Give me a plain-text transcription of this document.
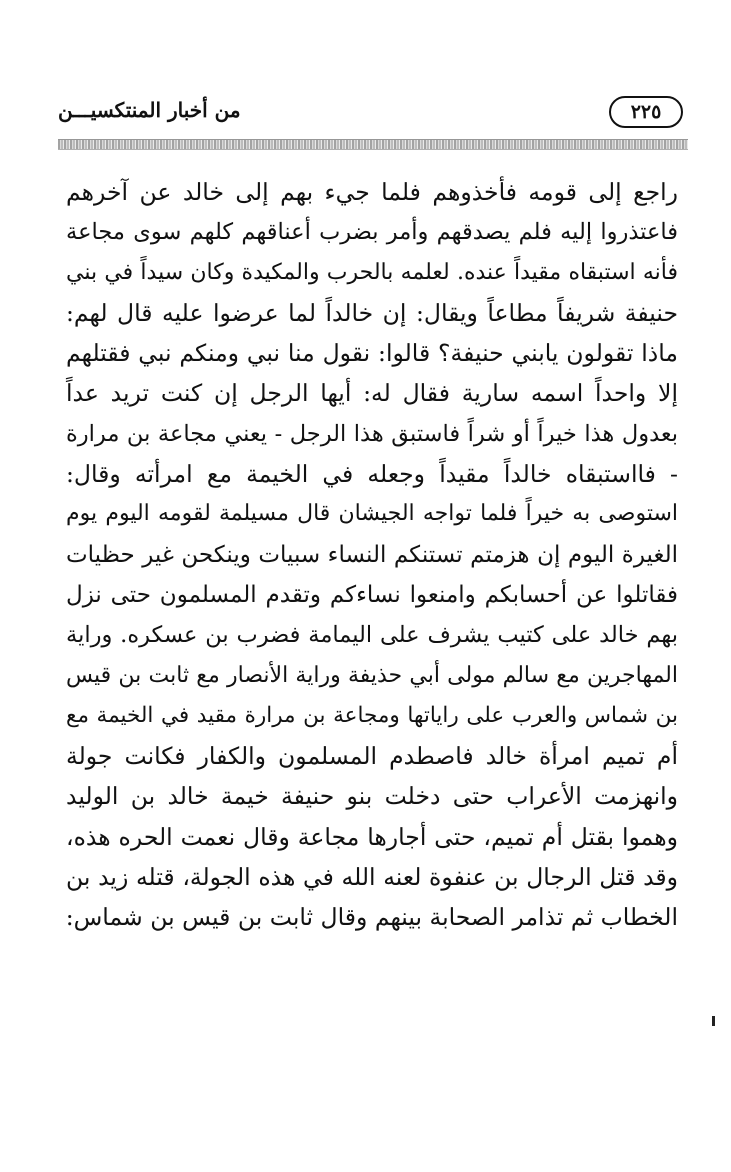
٢٢٥
من أخبار المنتكسيـــن
راجع إلى قومه فأخذوهم فلما جيء بهم إلى خالد عن آخرهم
فاعتذروا إليه فلم يصدقهم وأمر بضرب أعناقهم كلهم سوى مجاعة
فأنه استبقاه مقيداً عنده. لعلمه بالحرب والمكيدة وكان سيداً في بني
حنيفة شريفاً مطاعاً ويقال: إن خالداً لما عرضوا عليه قال لهم:
ماذا تقولون يابني حنيفة؟ قالوا: نقول منا نبي ومنكم نبي فقتلهم
إلا واحداً اسمه سارية فقال له: أيها الرجل إن كنت تريد عداً
بعدول هذا خيراً أو شراً فاستبق هذا الرجل - يعني مجاعة بن مرارة
- فااستبقاه خالداً مقيداً وجعله في الخيمة مع امرأته وقال:
استوصى به خيراً فلما تواجه الجيشان قال مسيلمة لقومه اليوم يوم
الغيرة اليوم إن هزمتم تستنكم النساء سبيات وينكحن غير حظيات
فقاتلوا عن أحسابكم وامنعوا نساءكم وتقدم المسلمون حتى نزل
بهم خالد على كتيب يشرف على اليمامة فضرب بن عسكره. وراية
المهاجرين مع سالم مولى أبي حذيفة وراية الأنصار مع ثابت بن قيس
بن شماس والعرب على راياتها ومجاعة بن مرارة مقيد في الخيمة مع
أم تميم امرأة خالد فاصطدم المسلمون والكفار فكانت جولة
وانهزمت الأعراب حتى دخلت بنو حنيفة خيمة خالد بن الوليد
وهموا بقتل أم تميم، حتى أجارها مجاعة وقال نعمت الحره هذه،
وقد قتل الرجال بن عنفوة لعنه الله في هذه الجولة، قتله زيد بن
الخطاب ثم تذامر الصحابة بينهم وقال ثابت بن قيس بن شماس:
